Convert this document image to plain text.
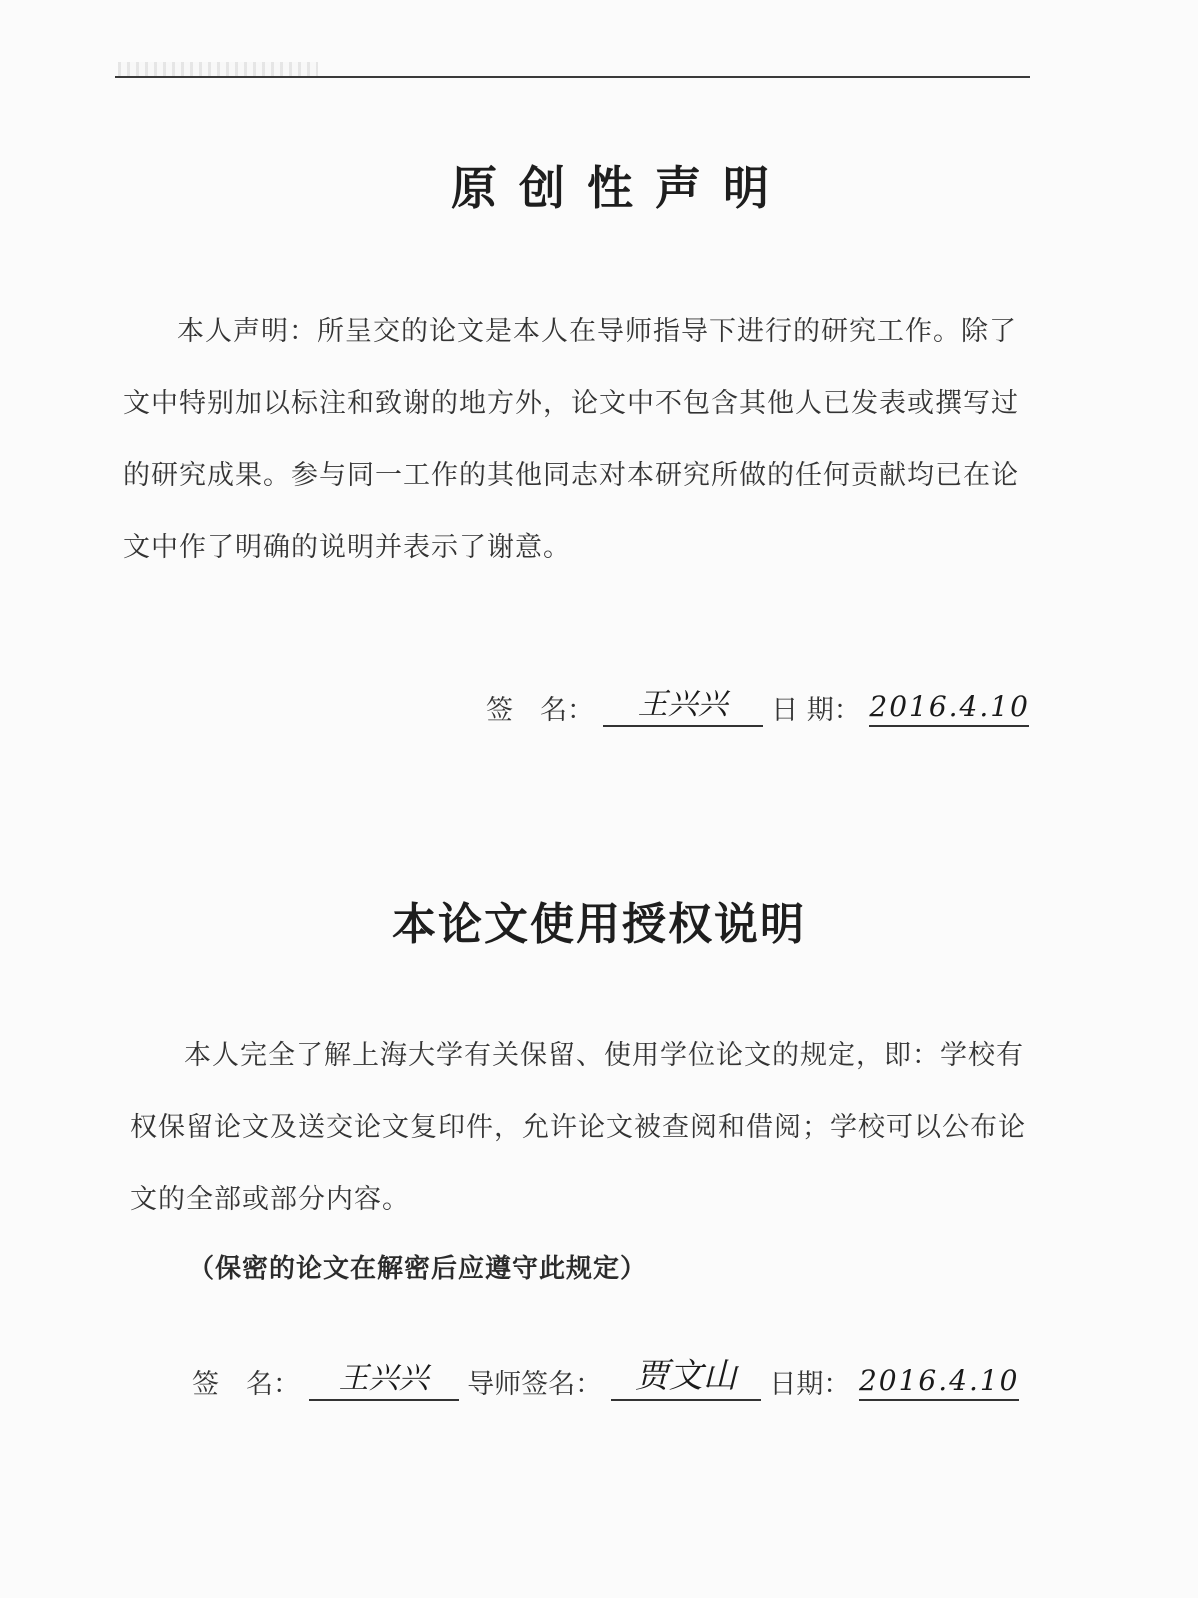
原创性声明
本人声明：所呈交的论文是本人在导师指导下进行的研究工作。除了文中特别加以标注和致谢的地方外，论文中不包含其他人已发表或撰写过的研究成果。参与同一工作的其他同志对本研究所做的任何贡献均已在论文中作了明确的说明并表示了谢意。
签　名：	王兴兴	日 期： 2016.4.10
本论文使用授权说明
本人完全了解上海大学有关保留、使用学位论文的规定，即：学校有权保留论文及送交论文复印件，允许论文被查阅和借阅；学校可以公布论文的全部或部分内容。
（保密的论文在解密后应遵守此规定）
签　名：	王兴兴	导师签名： 贾文山	日期： 2016.4.10
